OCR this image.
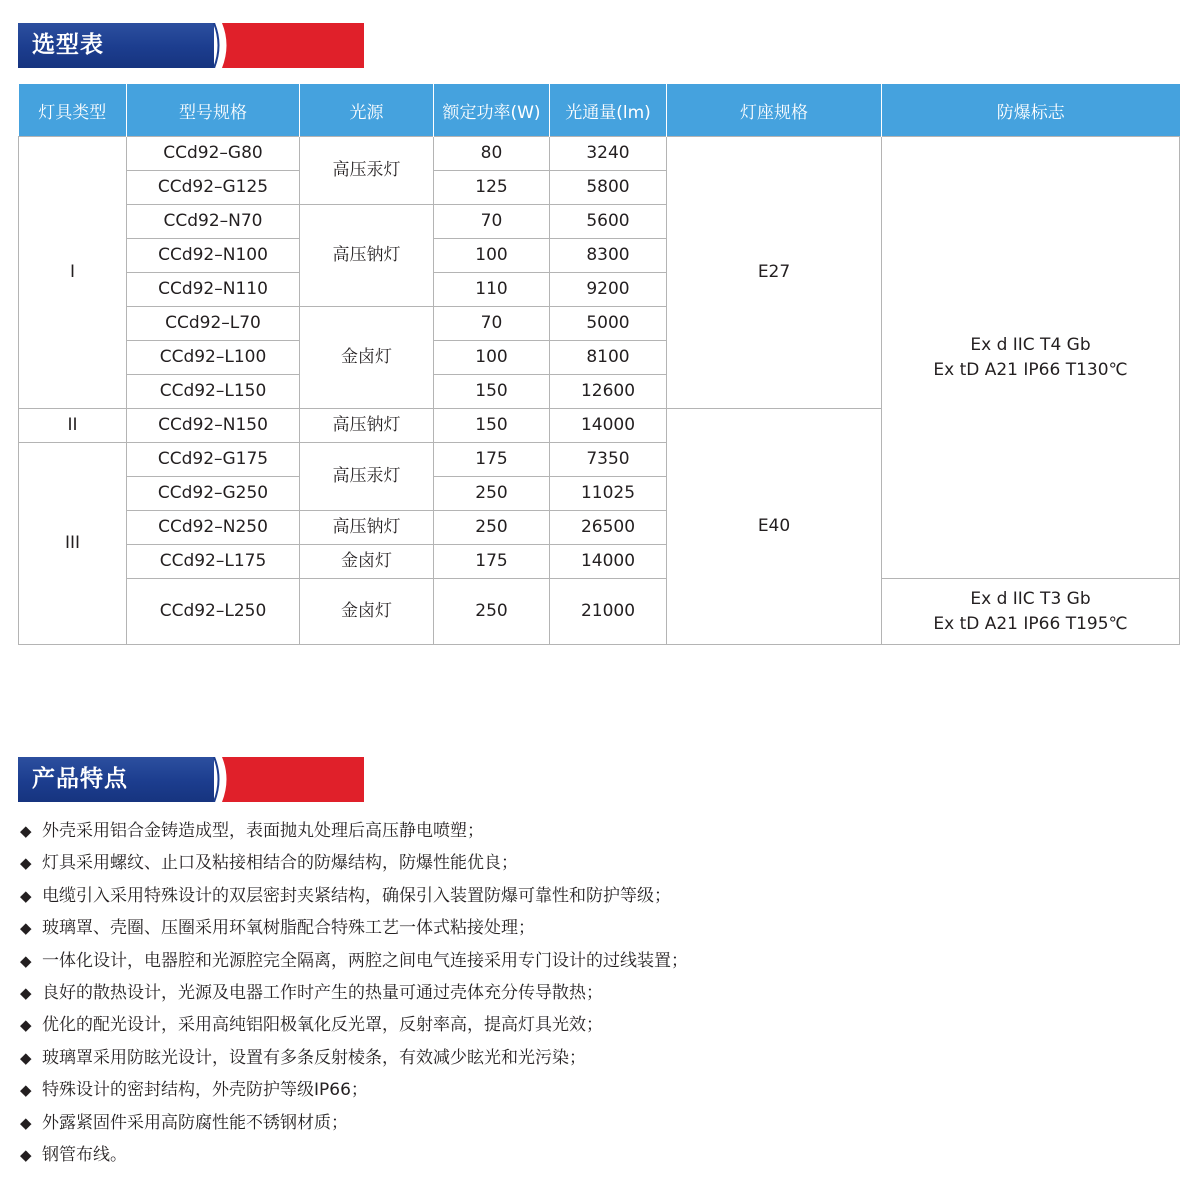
选型表
灯具类型	型号规格	光源	额定功率(W)	光通量(lm)	灯座规格	防爆标志
I	CCd92–G80	高压汞灯	80	3240	E27	Ex d IIC T4 Gb
Ex tD A21 IP66 T130℃

	CCd92–G125		125	5800		
	CCd92–N70	高压钠灯	70	5600		
	CCd92–N100		100	8300		
	CCd92–N110		110	9200		
	CCd92–L70	金卤灯	70	5000		
	CCd92–L100		100	8100		
	CCd92–L150		150	12600		
II	CCd92–N150	高压钠灯	150	14000	E40	
III	CCd92–G175	高压汞灯	175	7350		
	CCd92–G250		250	11025		
	CCd92–N250	高压钠灯	250	26500		
	CCd92–L175	金卤灯	175	14000		
	CCd92–L250	金卤灯	250	21000		Ex d IIC T3 Gb
Ex tD A21 IP66 T195℃
产品特点
◆ 外壳采用铝合金铸造成型，表面抛丸处理后高压静电喷塑；
◆ 灯具采用螺纹、止口及粘接相结合的防爆结构，防爆性能优良；
◆ 电缆引入采用特殊设计的双层密封夹紧结构，确保引入装置防爆可靠性和防护等级；
◆ 玻璃罩、壳圈、压圈采用环氧树脂配合特殊工艺一体式粘接处理；
◆ 一体化设计，电器腔和光源腔完全隔离，两腔之间电气连接采用专门设计的过线装置；
◆ 良好的散热设计，光源及电器工作时产生的热量可通过壳体充分传导散热；
◆ 优化的配光设计，采用高纯铝阳极氧化反光罩，反射率高，提高灯具光效；
◆ 玻璃罩采用防眩光设计，设置有多条反射棱条，有效减少眩光和光污染；
◆ 特殊设计的密封结构，外壳防护等级IP66；
◆ 外露紧固件采用高防腐性能不锈钢材质；
◆ 钢管布线。
